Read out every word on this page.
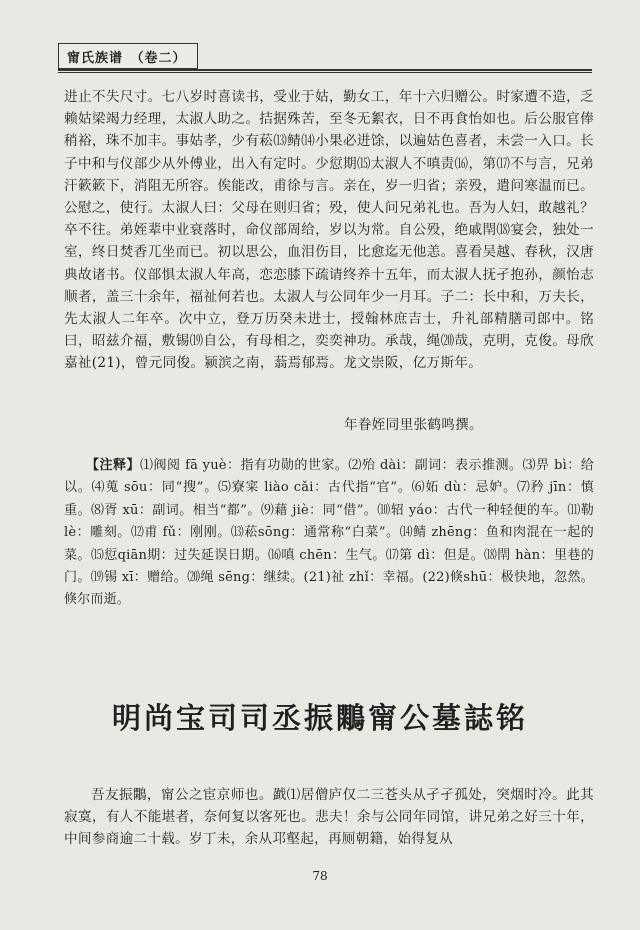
甯氏族谱　（卷二）
进止不失尺寸。七八岁时喜读书，受业于姑，勤女工，年十六归赠公。时家遭不造，乏赖姑梁竭力经理，太淑人助之。拮据殊苦，至冬无絮衣，日不再食怡如也。后公服官俸稍裕，珠不加丰。事姑孝，少有菘⒀鲭⒁小果必进馀，以遍姑色喜者，未尝一入口。长子中和与仪部少从外傅业，出入有定时。少愆期⒂太淑人不嗔责⒃，第⒄不与言，兄弟汗簌簌下，消阻无所容。俟能改，甫徐与言。亲在，岁一归省；亲殁，遣问寒温而已。公慰之，使行。太淑人曰：父母在则归省；殁，使人问兄弟礼也。吾为人妇，敢越礼？卒不往。弟姪辈中业衰落时，命仪部周给，岁以为常。自公殁，绝戚閈⒅宴会，独处一室，终日焚香兀坐而已。初以思公，血泪伤目，比愈迄无他恙。喜看吴越、春秋，汉唐典故诸书。仪部惧太淑人年高，恋恋膝下疏请终养十五年，而太淑人抚孑抱孙，颜怡志顺者，盖三十余年，福祉何若也。太淑人与公同年少一月耳。子二：长中和，万夫长，先太淑人二年卒。次中立，登万历癸未进士，授翰林庶吉士，升礼部精膳司郎中。铭曰，昭兹介福，敷锡⒆自公，有母相之，奕奕神功。承哉，绳⒇哉，克明，克俊。母欣嘉祉(21)，曾元同俊。颍滨之南，蓊焉郁焉。龙文崇阪，亿万斯年。
年眷姪同里张鹤鸣撰。
【注释】⑴阀阅 fā yuè：指有功勋的世家。⑵殆 dài：副词：表示推测。⑶畀 bì：给以。⑷蒐 sōu：同“搜”。⑸寮寀 liào cǎi：古代指“官”。⑹妬 dù：忌妒。⑺矜 jīn：慎重。⑻胥 xū：副词。相当“都”。⑼藉 jiè：同“借”。⑽轺 yáo：古代一种轻便的车。⑾勒 lè：雕刻。⑿甫 fǔ：刚刚。⒀菘sōng：通常称“白菜”。⒁鲭 zhēng：鱼和肉混在一起的菜。⒂愆qiān期：过失延误日期。⒃嗔 chēn：生气。⒄第 dì：但是。⒅閈 hàn：里巷的门。⒆锡 xī：赠给。⒇绳 sēng：继续。(21)祉 zhǐ：幸福。(22)倏shū：极快地，忽然。倏尔而逝。
明尚宝司司丞振鷴甯公墓誌铭
吾友振鷴，甯公之宦京师也。戤⑴居僧庐仅二三苍头从孑孑孤处，突烟时冷。此其寂寞，有人不能堪者，奈何复以客死也。悲夫！余与公同年同馆，讲兄弟之好三十年，中间参商逾二十载。岁丁未，余从邛壑起，再厕朝籍，始得复从
78
